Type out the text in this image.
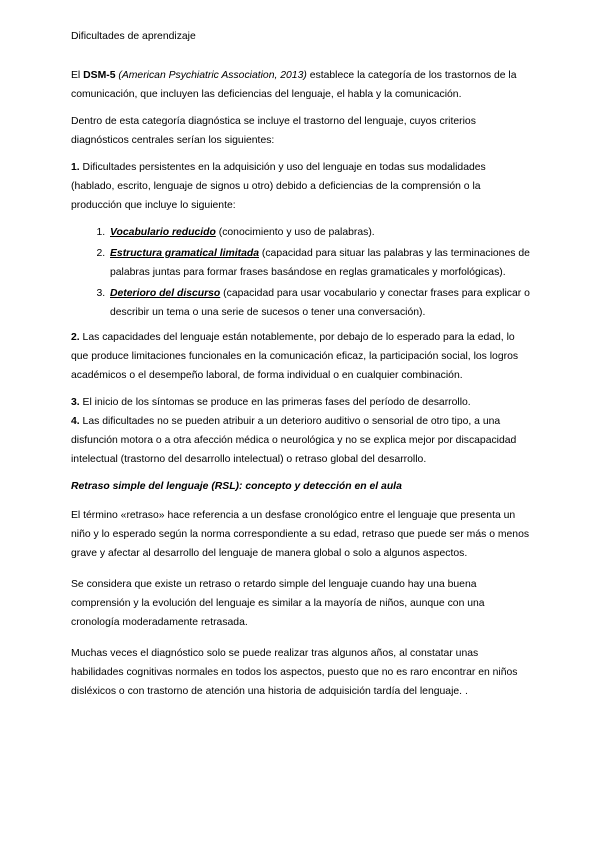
Dificultades de aprendizaje

El DSM-5 (American Psychiatric Association, 2013) establece la categoría de los trastornos de la comunicación, que incluyen las deficiencias del lenguaje, el habla y la comunicación.

Dentro de esta categoría diagnóstica se incluye el trastorno del lenguaje, cuyos criterios diagnósticos centrales serían los siguientes:

1. Dificultades persistentes en la adquisición y uso del lenguaje en todas sus modalidades (hablado, escrito, lenguaje de signos u otro) debido a deficiencias de la comprensión o la producción que incluye lo siguiente:

1. Vocabulario reducido (conocimiento y uso de palabras).
2. Estructura gramatical limitada (capacidad para situar las palabras y las terminaciones de palabras juntas para formar frases basándose en reglas gramaticales y morfológicas).
3. Deterioro del discurso (capacidad para usar vocabulario y conectar frases para explicar o describir un tema o una serie de sucesos o tener una conversación).

2. Las capacidades del lenguaje están notablemente, por debajo de lo esperado para la edad, lo que produce limitaciones funcionales en la comunicación eficaz, la participación social, los logros académicos o el desempeño laboral, de forma individual o en cualquier combinación.

3. El inicio de los síntomas se produce en las primeras fases del período de desarrollo.

4. Las dificultades no se pueden atribuir a un deterioro auditivo o sensorial de otro tipo, a una disfunción motora o a otra afección médica o neurológica y no se explica mejor por discapacidad intelectual (trastorno del desarrollo intelectual) o retraso global del desarrollo.

Retraso simple del lenguaje (RSL): concepto y detección en el aula

El término «retraso» hace referencia a un desfase cronológico entre el lenguaje que presenta un niño y lo esperado según la norma correspondiente a su edad, retraso que puede ser más o menos grave y afectar al desarrollo del lenguaje de manera global o solo a algunos aspectos.

Se considera que existe un retraso o retardo simple del lenguaje cuando hay una buena comprensión y la evolución del lenguaje es similar a la mayoría de niños, aunque con una cronología moderadamente retrasada.

Muchas veces el diagnóstico solo se puede realizar tras algunos años, al constatar unas habilidades cognitivas normales en todos los aspectos, puesto que no es raro encontrar en niños disléxicos o con trastorno de atención una historia de adquisición tardía del lenguaje. .
